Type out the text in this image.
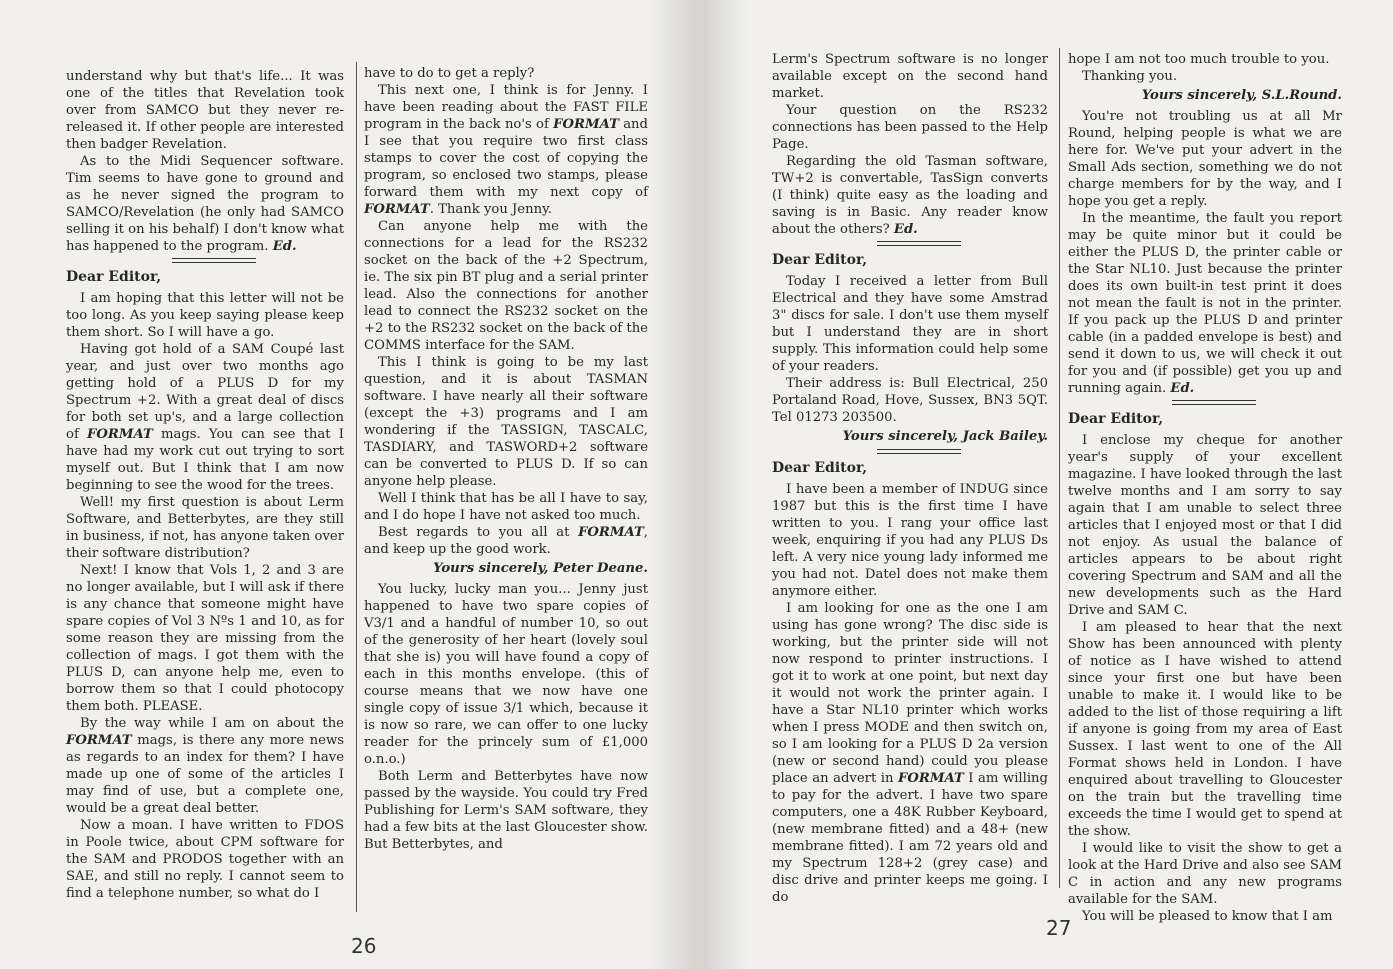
understand why but that's life... It was one of the titles that Revelation took over from SAMCO but they never re-released it. If other people are interested then badger Revelation.

As to the Midi Sequencer software. Tim seems to have gone to ground and as he never signed the program to SAMCO/Revelation (he only had SAMCO selling it on his behalf) I don't know what has happened to the program. Ed.

Dear Editor,

I am hoping that this letter will not be too long. As you keep saying please keep them short. So I will have a go.

Having got hold of a SAM Coupé last year, and just over two months ago getting hold of a PLUS D for my Spectrum +2. With a great deal of discs for both set up's, and a large collection of FORMAT mags. You can see that I have had my work cut out trying to sort myself out. But I think that I am now beginning to see the wood for the trees.

Well! my first question is about Lerm Software, and Betterbytes, are they still in business, if not, has anyone taken over their software distribution?

Next! I know that Vols 1, 2 and 3 are no longer available, but I will ask if there is any chance that someone might have spare copies of Vol 3 Nºs 1 and 10, as for some reason they are missing from the collection of mags. I got them with the PLUS D, can anyone help me, even to borrow them so that I could photocopy them both. PLEASE.

By the way while I am on about the FORMAT mags, is there any more news as regards to an index for them? I have made up one of some of the articles I may find of use, but a complete one, would be a great deal better.

Now a moan. I have written to FDOS in Poole twice, about CPM software for the SAM and PRODOS together with an SAE, and still no reply. I cannot seem to find a telephone number, so what do I

have to do to get a reply?

This next one, I think is for Jenny. I have been reading about the FAST FILE program in the back no's of FORMAT and I see that you require two first class stamps to cover the cost of copying the program, so enclosed two stamps, please forward them with my next copy of FORMAT. Thank you Jenny.

Can anyone help me with the connections for a lead for the RS232 socket on the back of the +2 Spectrum, ie. The six pin BT plug and a serial printer lead. Also the connections for another lead to connect the RS232 socket on the +2 to the RS232 socket on the back of the COMMS interface for the SAM.

This I think is going to be my last question, and it is about TASMAN software. I have nearly all their software (except the +3) programs and I am wondering if the TASSIGN, TASCALC, TASDIARY, and TASWORD+2 software can be converted to PLUS D. If so can anyone help please.

Well I think that has be all I have to say, and I do hope I have not asked too much.

Best regards to you all at FORMAT, and keep up the good work.

Yours sincerely, Peter Deane.

You lucky, lucky man you... Jenny just happened to have two spare copies of V3/1 and a handful of number 10, so out of the generosity of her heart (lovely soul that she is) you will have found a copy of each in this months envelope. (this of course means that we now have one single copy of issue 3/1 which, because it is now so rare, we can offer to one lucky reader for the princely sum of £1,000 o.n.o.)

Both Lerm and Betterbytes have now passed by the wayside. You could try Fred Publishing for Lerm's SAM software, they had a few bits at the last Gloucester show. But Betterbytes, and

26

Lerm's Spectrum software is no longer available except on the second hand market.

Your question on the RS232 connections has been passed to the Help Page.

Regarding the old Tasman software, TW+2 is convertable, TasSign converts (I think) quite easy as the loading and saving is in Basic. Any reader know about the others? Ed.

Dear Editor,

Today I received a letter from Bull Electrical and they have some Amstrad 3" discs for sale. I don't use them myself but I understand they are in short supply. This information could help some of your readers.

Their address is: Bull Electrical, 250 Portaland Road, Hove, Sussex, BN3 5QT. Tel 01273 203500.

Yours sincerely, Jack Bailey.

Dear Editor,

I have been a member of INDUG since 1987 but this is the first time I have written to you. I rang your office last week, enquiring if you had any PLUS Ds left. A very nice young lady informed me you had not. Datel does not make them anymore either.

I am looking for one as the one I am using has gone wrong? The disc side is working, but the printer side will not now respond to printer instructions. I got it to work at one point, but next day it would not work the printer again. I have a Star NL10 printer which works when I press MODE and then switch on, so I am looking for a PLUS D 2a version (new or second hand) could you please place an advert in FORMAT I am willing to pay for the advert. I have two spare computers, one a 48K Rubber Keyboard, (new membrane fitted) and a 48+ (new membrane fitted). I am 72 years old and my Spectrum 128+2 (grey case) and disc drive and printer keeps me going. I do

hope I am not too much trouble to you.

Thanking you.

Yours sincerely, S.L.Round.

You're not troubling us at all Mr Round, helping people is what we are here for. We've put your advert in the Small Ads section, something we do not charge members for by the way, and I hope you get a reply.

In the meantime, the fault you report may be quite minor but it could be either the PLUS D, the printer cable or the Star NL10. Just because the printer does its own built-in test print it does not mean the fault is not in the printer. If you pack up the PLUS D and printer cable (in a padded envelope is best) and send it down to us, we will check it out for you and (if possible) get you up and running again. Ed.

Dear Editor,

I enclose my cheque for another year's supply of your excellent magazine. I have looked through the last twelve months and I am sorry to say again that I am unable to select three articles that I enjoyed most or that I did not enjoy. As usual the balance of articles appears to be about right covering Spectrum and SAM and all the new developments such as the Hard Drive and SAM C.

I am pleased to hear that the next Show has been announced with plenty of notice as I have wished to attend since your first one but have been unable to make it. I would like to be added to the list of those requiring a lift if anyone is going from my area of East Sussex. I last went to one of the All Format shows held in London. I have enquired about travelling to Gloucester on the train but the travelling time exceeds the time I would get to spend at the show.

I would like to visit the show to get a look at the Hard Drive and also see SAM C in action and any new programs available for the SAM.

You will be pleased to know that I am

27
